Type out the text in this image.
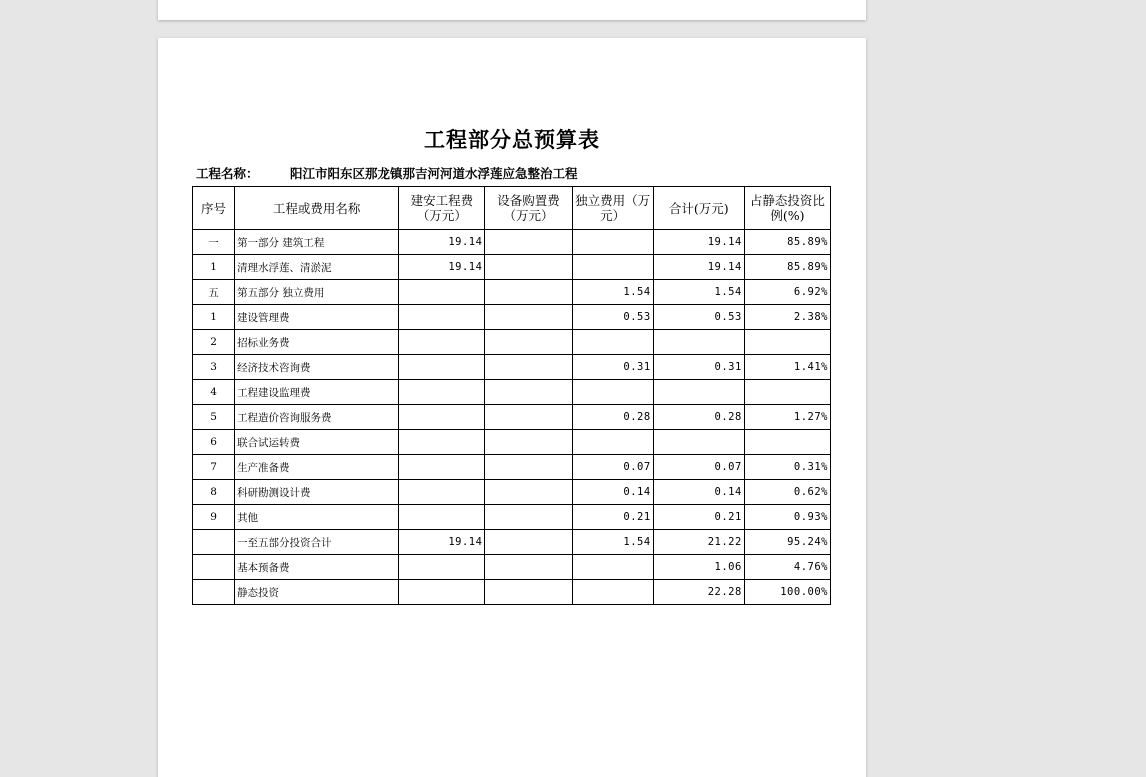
工程部分总预算表
工程名称：	阳江市阳东区那龙镇那吉河河道水浮莲应急整治工程
序号	工程或费用名称	建安工程费（万元）	设备购置费（万元）	独立费用（万元）	合计(万元)	占静态投资比例(%)
一	第一部分 建筑工程	19.14			19.14	85.89%
1	清理水浮莲、清淤泥	19.14			19.14	85.89%
五	第五部分 独立费用			1.54	1.54	6.92%
1	建设管理费			0.53	0.53	2.38%
2	招标业务费					
3	经济技术咨询费			0.31	0.31	1.41%
4	工程建设监理费					
5	工程造价咨询服务费			0.28	0.28	1.27%
6	联合试运转费					
7	生产准备费			0.07	0.07	0.31%
8	科研勘测设计费			0.14	0.14	0.62%
9	其他			0.21	0.21	0.93%
	一至五部分投资合计	19.14		1.54	21.22	95.24%
	基本预备费				1.06	4.76%
	静态投资				22.28	100.00%
